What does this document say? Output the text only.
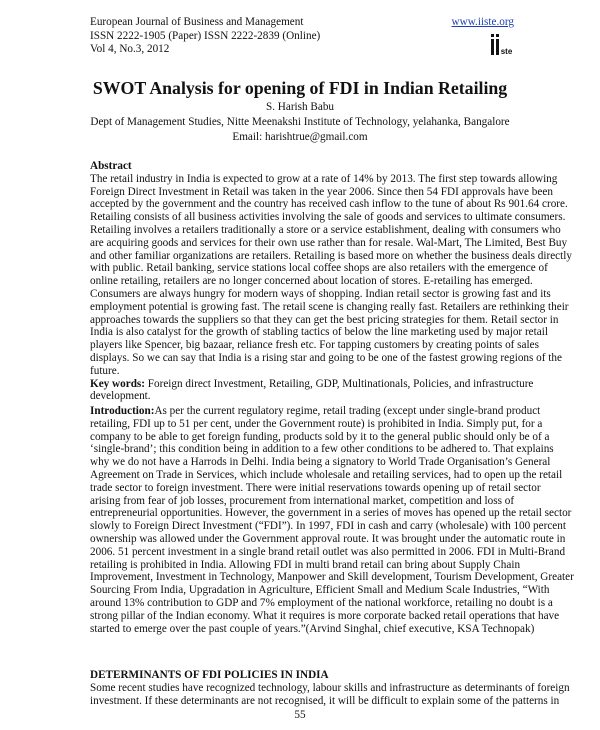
European Journal of Business and Management
ISSN 2222-1905 (Paper) ISSN 2222-2839 (Online)
Vol 4, No.3, 2012
www.iiste.org
ste
SWOT Analysis for opening of FDI in Indian Retailing
S. Harish Babu
Dept of Management Studies, Nitte Meenakshi Institute of Technology, yelahanka, Bangalore
Email: harishtrue@gmail.com
Abstract
The retail industry in India is expected to grow at a rate of 14% by 2013. The first step towards allowing
Foreign Direct Investment in Retail was taken in the year 2006. Since then 54 FDI approvals have been
accepted by the government and the country has received cash inflow to the tune of about Rs 901.64 crore.
Retailing consists of all business activities involving the sale of goods and services to ultimate consumers.
Retailing involves a retailers traditionally a store or a service establishment, dealing with consumers who
are acquiring goods and services for their own use rather than for resale. Wal-Mart, The Limited, Best Buy
and other familiar organizations are retailers. Retailing is based more on whether the business deals directly
with public. Retail banking, service stations local coffee shops are also retailers with the emergence of
online retailing, retailers are no longer concerned about location of stores. E-retailing has emerged.
Consumers are always hungry for modern ways of shopping. Indian retail sector is growing fast and its
employment potential is growing fast. The retail scene is changing really fast. Retailers are rethinking their
approaches towards the suppliers so that they can get the best pricing strategies for them. Retail sector in
India is also catalyst for the growth of stabling tactics of below the line marketing used by major retail
players like Spencer, big bazaar, reliance fresh etc. For tapping customers by creating points of sales
displays. So we can say that India is a rising star and going to be one of the fastest growing regions of the
future.
Key words: Foreign direct Investment, Retailing, GDP, Multinationals, Policies, and infrastructure
development.
Introduction:As per the current regulatory regime, retail trading (except under single-brand product
retailing, FDI up to 51 per cent, under the Government route) is prohibited in India. Simply put, for a
company to be able to get foreign funding, products sold by it to the general public should only be of a
‘single-brand’; this condition being in addition to a few other conditions to be adhered to. That explains
why we do not have a Harrods in Delhi. India being a signatory to World Trade Organisation’s General
Agreement on Trade in Services, which include wholesale and retailing services, had to open up the retail
trade sector to foreign investment. There were initial reservations towards opening up of retail sector
arising from fear of job losses, procurement from international market, competition and loss of
entrepreneurial opportunities. However, the government in a series of moves has opened up the retail sector
slowly to Foreign Direct Investment (“FDI”). In 1997, FDI in cash and carry (wholesale) with 100 percent
ownership was allowed under the Government approval route. It was brought under the automatic route in
2006. 51 percent investment in a single brand retail outlet was also permitted in 2006. FDI in Multi-Brand
retailing is prohibited in India. Allowing FDI in multi brand retail can bring about Supply Chain
Improvement, Investment in Technology, Manpower and Skill development, Tourism Development, Greater
Sourcing From India, Upgradation in Agriculture, Efficient Small and Medium Scale Industries, “With
around 13% contribution to GDP and 7% employment of the national workforce, retailing no doubt is a
strong pillar of the Indian economy. What it requires is more corporate backed retail operations that have
started to emerge over the past couple of years.”(Arvind Singhal, chief executive, KSA Technopak)
DETERMINANTS OF FDI POLICIES IN INDIA
Some recent studies have recognized technology, labour skills and infrastructure as determinants of foreign
investment. If these determinants are not recognised, it will be difficult to explain some of the patterns in
55
